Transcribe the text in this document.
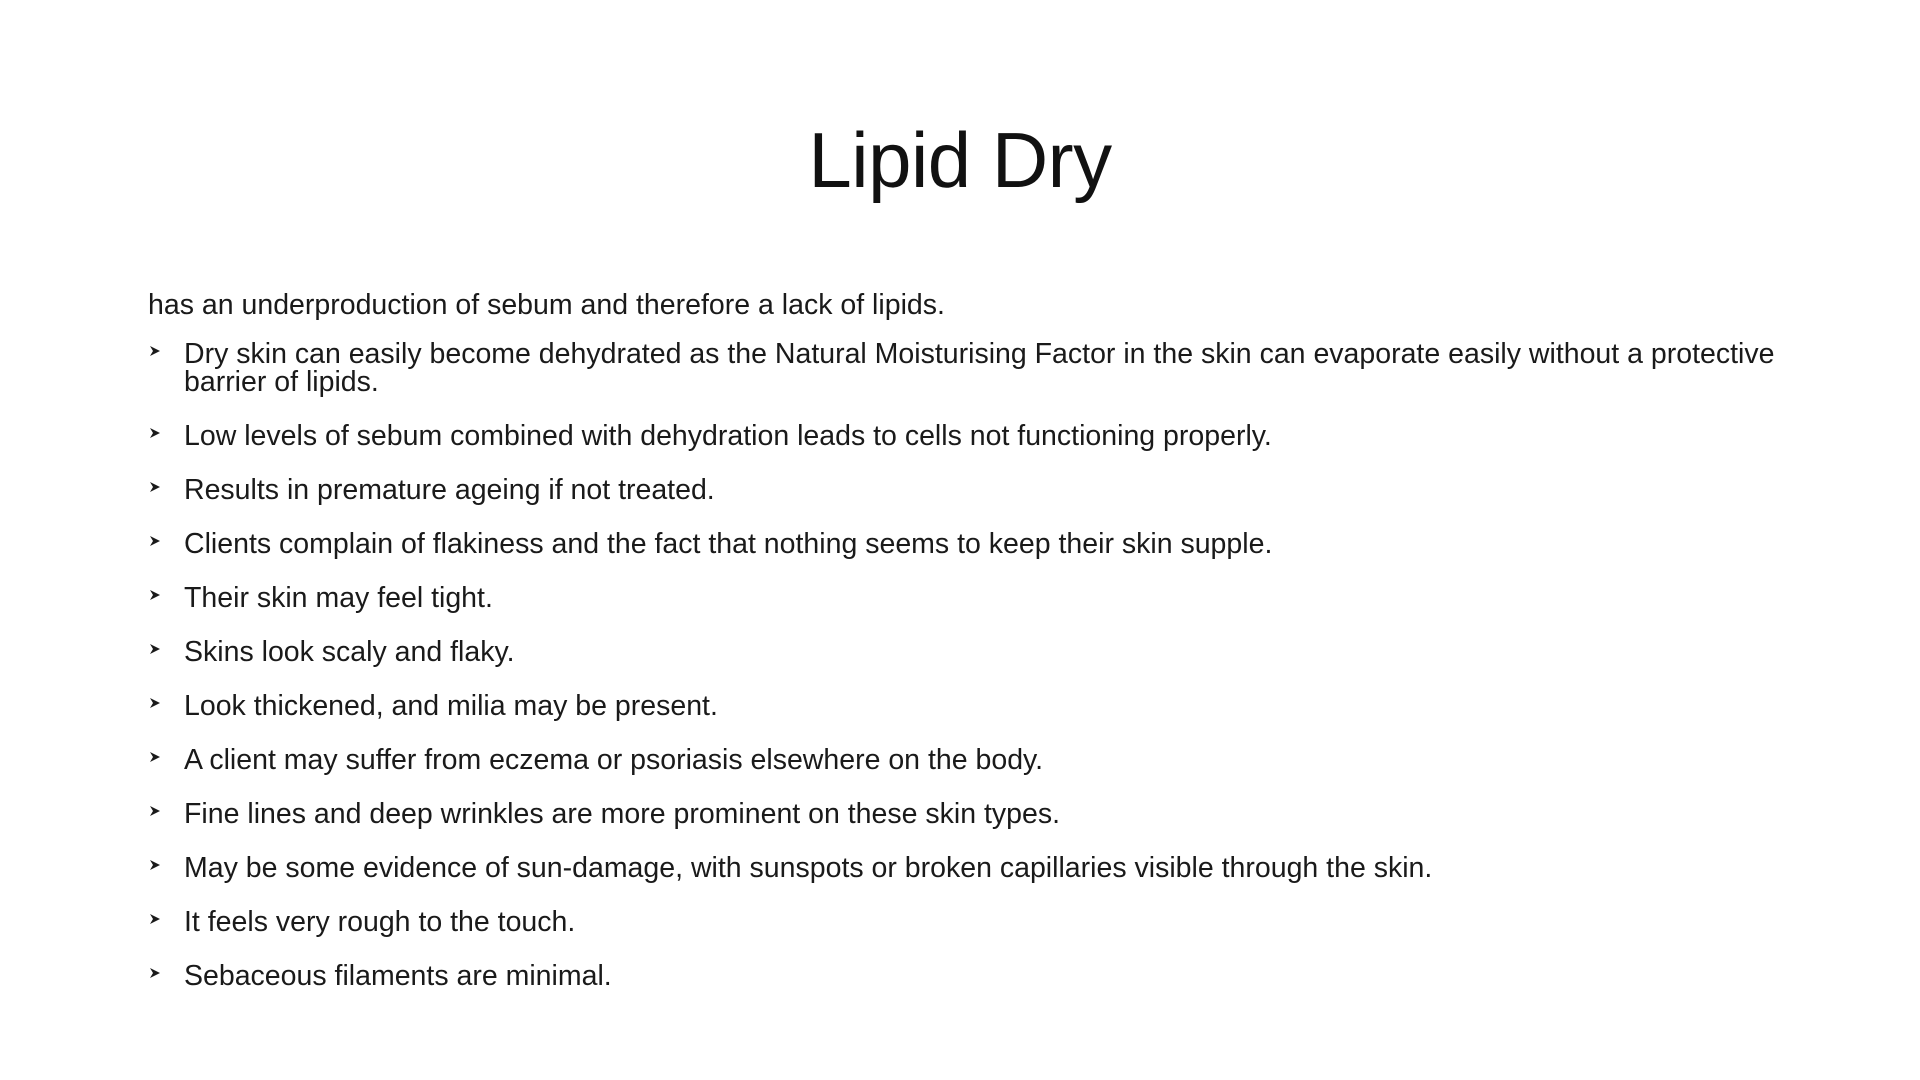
Lipid Dry

has an underproduction of sebum and therefore a lack of lipids.

Dry skin can easily become dehydrated as the Natural Moisturising Factor in the skin can evaporate easily without a protective barrier of lipids.
Low levels of sebum combined with dehydration leads to cells not functioning properly.
Results in premature ageing if not treated.
Clients complain of flakiness and the fact that nothing seems to keep their skin supple.
Their skin may feel tight.
Skins look scaly and flaky.
Look thickened, and milia may be present.
A client may suffer from eczema or psoriasis elsewhere on the body.
Fine lines and deep wrinkles are more prominent on these skin types.
May be some evidence of sun-damage, with sunspots or broken capillaries visible through the skin.
It feels very rough to the touch.
Sebaceous filaments are minimal.
